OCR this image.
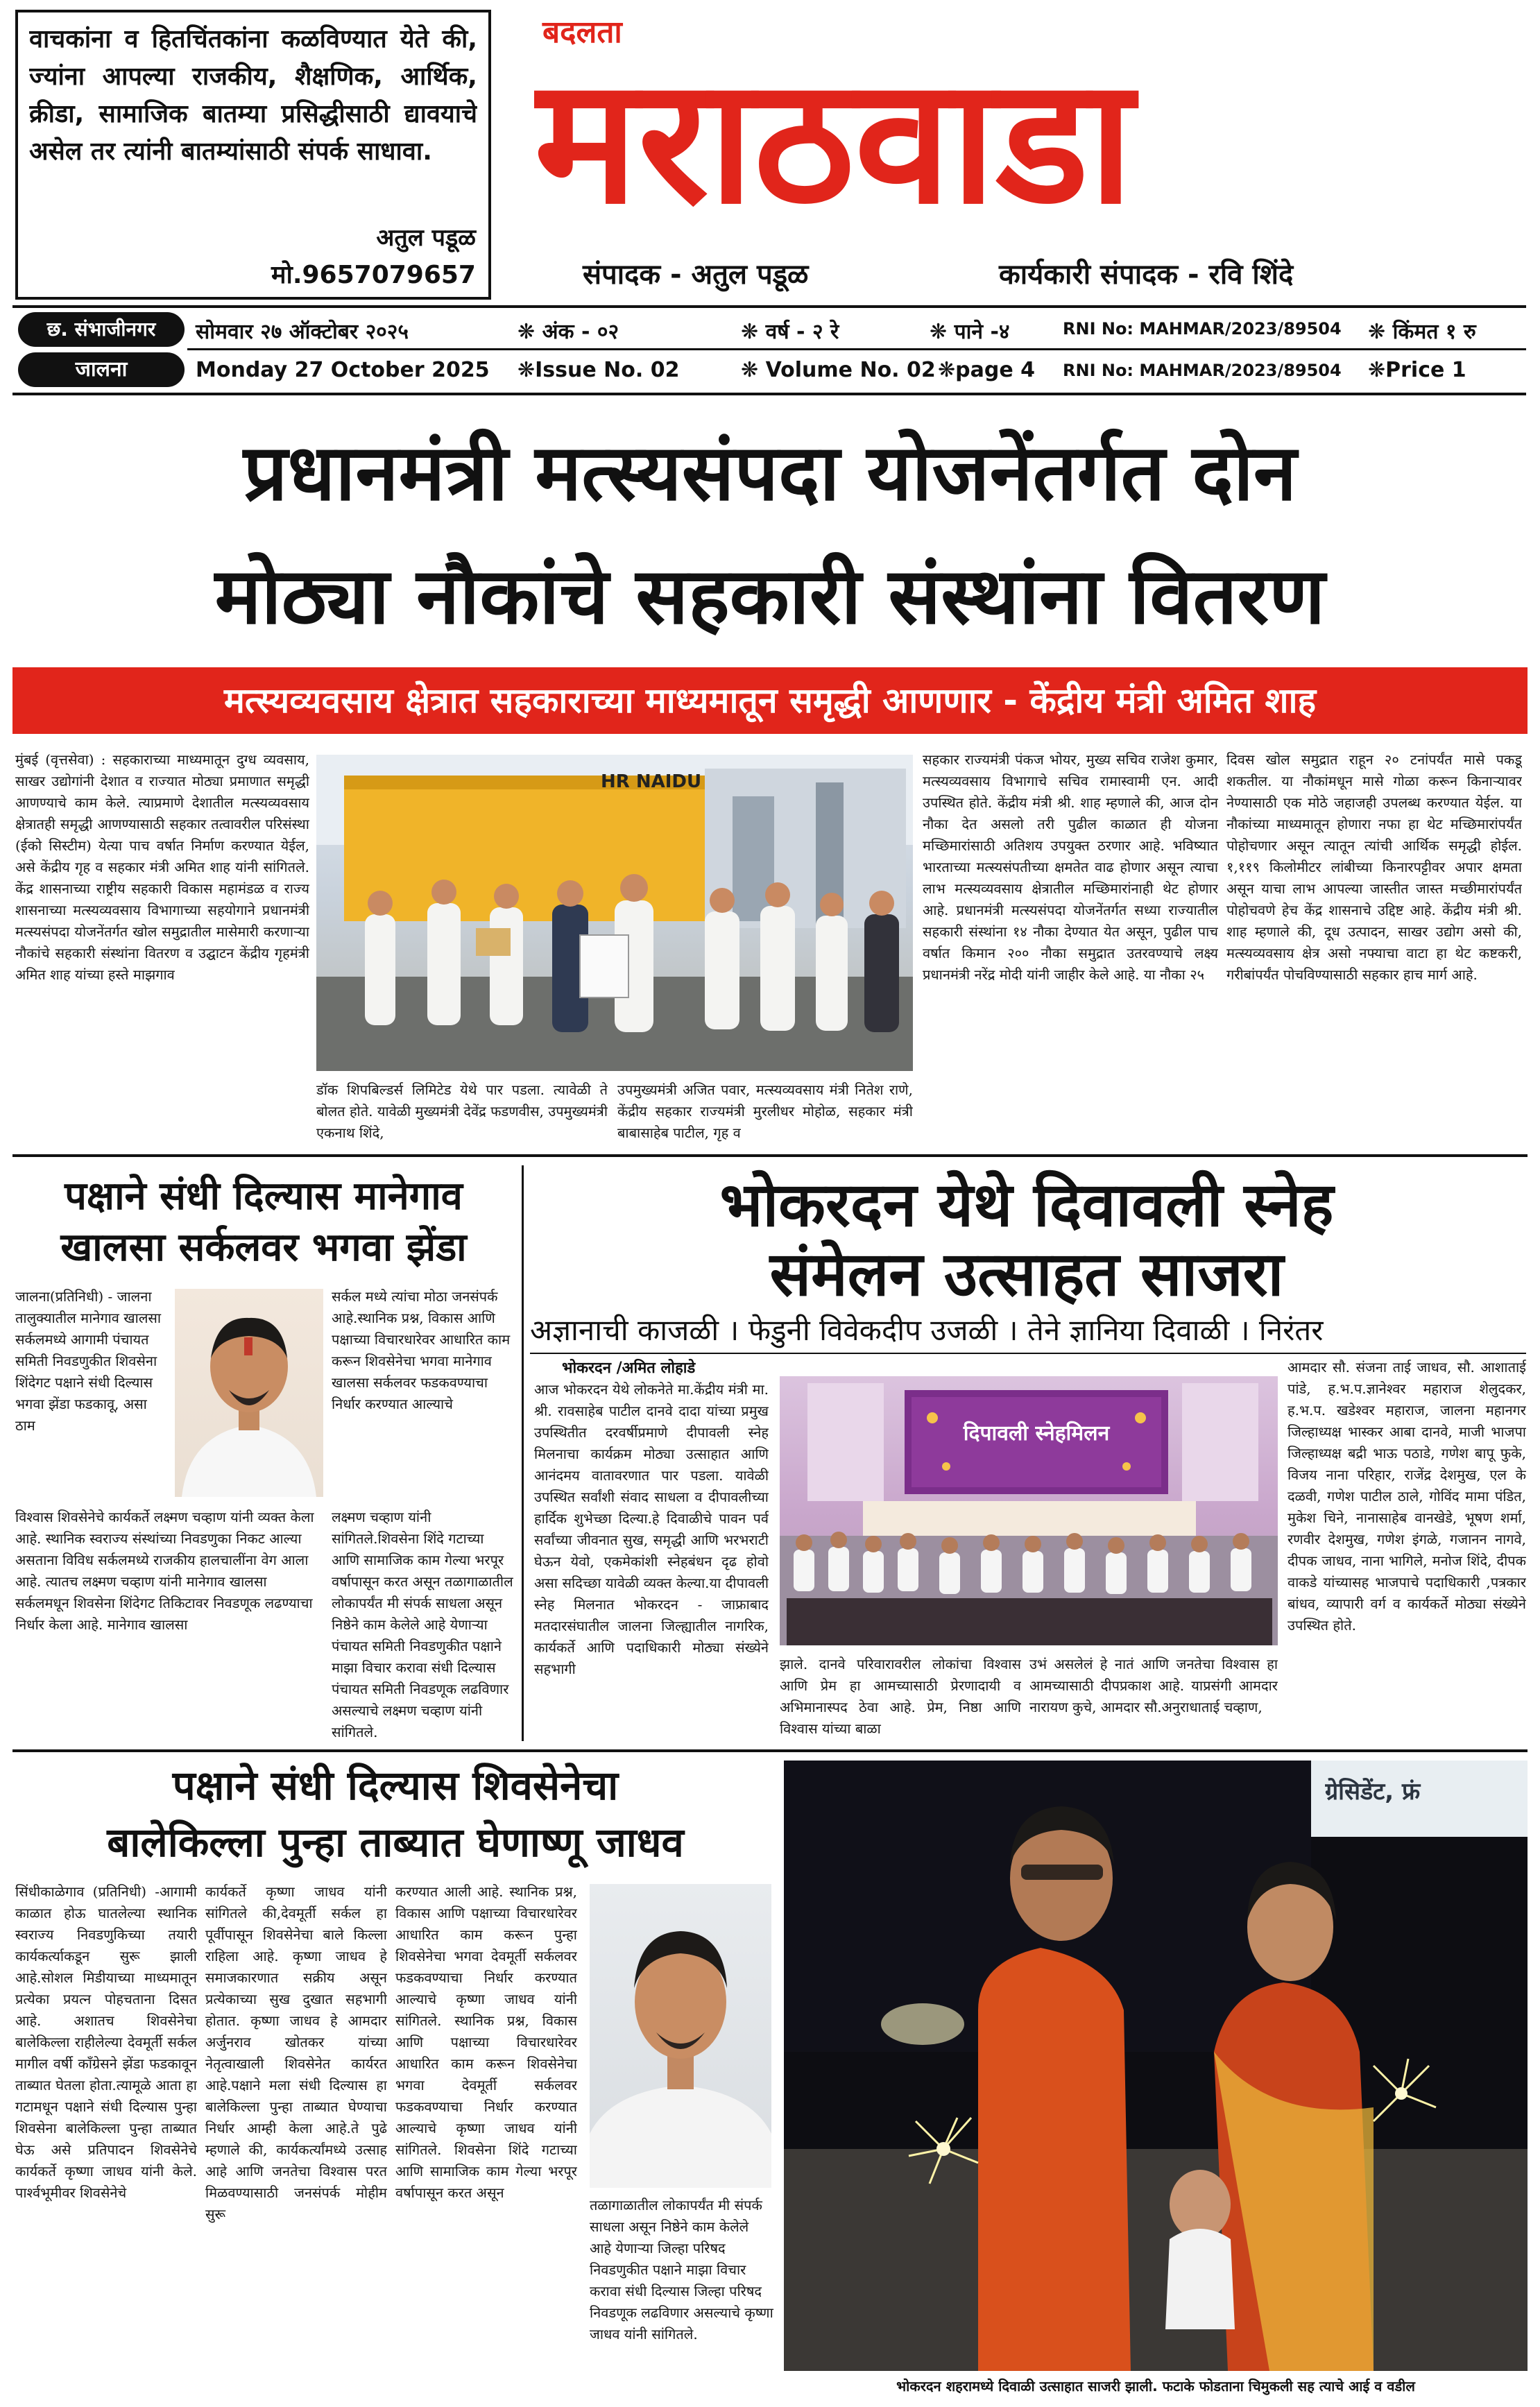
वाचकांना व हितचिंतकांना कळविण्यात येते की, ज्यांना आपल्या राजकीय, शैक्षणिक, आर्थिक, क्रीडा, सामाजिक बातम्या प्रसिद्धीसाठी द्यावयाचे असेल तर त्यांनी बातम्यांसाठी संपर्क साधावा.
अतुल पडूळ
मो.9657079657
बदलता
मराठवाडा
संपादक - अतुल पडूळ	कार्यकारी संपादक - रवि शिंदे
छ. संभाजीनगर
जालना
सोमवार २७ ऑक्टोबर २०२५	❋ अंक - ०२	❋ वर्ष - २ रे	❋ पाने -४	RNI No: MAHMAR/2023/89504 ❋ किंमत १ रु
Monday 27 October 2025 ❋Issue No. 02	❋ Volume No. 02 ❋page 4 RNI No: MAHMAR/2023/89504 ❋Price 1
प्रधानमंत्री मत्स्यसंपदा योजनेंतर्गत दोन
मोठ्या नौकांचे सहकारी संस्थांना वितरण
मत्स्यव्यवसाय क्षेत्रात सहकाराच्या माध्यमातून समृद्धी आणणार - केंद्रीय मंत्री अमित शाह
मुंबई (वृत्तसेवा) : सहकाराच्या माध्यमातून दुग्ध व्यवसाय, साखर उद्योगांनी देशात व राज्यात मोठ्या प्रमाणात समृद्धी आणण्याचे काम केले. त्याप्रमाणे देशातील मत्स्यव्यवसाय क्षेत्रातही समृद्धी आणण्यासाठी सहकार तत्वावरील परिसंस्था (ईको सिस्टीम) येत्या पाच वर्षात निर्माण करण्यात येईल, असे केंद्रीय गृह व सहकार मंत्री अमित शाह यांनी सांगितले. केंद्र शासनाच्या राष्ट्रीय सहकारी विकास महामंडळ व राज्य शासनाच्या मत्स्यव्यवसाय विभागाच्या सहयोगाने प्रधानमंत्री मत्स्यसंपदा योजनेंतर्गत खोल समुद्रातील मासेमारी करणाऱ्या नौकांचे सहकारी संस्थांना वितरण व उद्घाटन केंद्रीय गृहमंत्री अमित शाह यांच्या हस्ते माझगाव
HR NAIDU
डॉक शिपबिल्डर्स लिमिटेड येथे पार पडला. त्यावेळी ते बोलत होते. यावेळी मुख्यमंत्री देवेंद्र फडणवीस, उपमुख्यमंत्री एकनाथ शिंदे,
उपमुख्यमंत्री अजित पवार, मत्स्यव्यवसाय मंत्री नितेश राणे, केंद्रीय सहकार राज्यमंत्री मुरलीधर मोहोळ, सहकार मंत्री बाबासाहेब पाटील, गृह व
सहकार राज्यमंत्री पंकज भोयर, मुख्य सचिव राजेश कुमार, मत्स्यव्यवसाय विभागाचे सचिव रामास्वामी एन. आदी उपस्थित होते. केंद्रीय मंत्री श्री. शाह म्हणाले की, आज दोन नौका देत असलो तरी पुढील काळात ही योजना मच्छिमारांसाठी अतिशय उपयुक्त ठरणार आहे. भविष्यात भारताच्या मत्स्यसंपतीच्या क्षमतेत वाढ होणार असून त्याचा लाभ मत्स्यव्यवसाय क्षेत्रातील मच्छिमारांनाही थेट होणार आहे. प्रधानमंत्री मत्स्यसंपदा योजनेंतर्गत सध्या राज्यातील सहकारी संस्थांना १४ नौका देण्यात येत असून, पुढील पाच वर्षात किमान २०० नौका समुद्रात उतरवण्याचे लक्ष्य प्रधानमंत्री नरेंद्र मोदी यांनी जाहीर केले आहे. या नौका २५
दिवस खोल समुद्रात राहून २० टनांपर्यंत मासे पकडू शकतील. या नौकांमधून मासे गोळा करून किनाऱ्यावर नेण्यासाठी एक मोठे जहाजही उपलब्ध करण्यात येईल. या नौकांच्या माध्यमातून होणारा नफा हा थेट मच्छिमारांपर्यंत पोहोचणार असून त्यातून त्यांची आर्थिक समृद्धी होईल. १,११९ किलोमीटर लांबीच्या किनारपट्टीवर अपार क्षमता असून याचा लाभ आपल्या जास्तीत जास्त मच्छीमारांपर्यंत पोहोचवणे हेच केंद्र शासनाचे उद्दिष्ट आहे. केंद्रीय मंत्री श्री. शाह म्हणाले की, दूध उत्पादन, साखर उद्योग असो की, मत्स्यव्यवसाय क्षेत्र असो नफ्याचा वाटा हा थेट कष्टकरी, गरीबांपर्यंत पोचविण्यासाठी सहकार हाच मार्ग आहे.
पक्षाने संधी दिल्यास मानेगाव
खालसा सर्कलवर भगवा झेंडा
जालना(प्रतिनिधी) - जालना तालुक्यातील मानेगाव खालसा सर्कलमध्ये आगामी पंचायत समिती निवडणुकीत शिवसेना शिंदेगट पक्षाने संधी दिल्यास भगवा झेंडा फडकावू, असा ठाम
विश्वास शिवसेनेचे कार्यकर्ते लक्ष्मण चव्हाण यांनी व्यक्त केला आहे. स्थानिक स्वराज्य संस्थांच्या निवडणुका निकट आल्या असताना विविध सर्कलमध्ये राजकीय हालचालींना वेग आला आहे. त्यातच लक्ष्मण चव्हाण यांनी मानेगाव खालसा सर्कलमधून शिवसेना शिंदेगट तिकिटावर निवडणूक लढण्याचा निर्धार केला आहे. मानेगाव खालसा
सर्कल मध्ये त्यांचा मोठा जनसंपर्क आहे.स्थानिक प्रश्न, विकास आणि पक्षाच्या विचारधारेवर आधारित काम करून शिवसेनेचा भगवा मानेगाव खालसा सर्कलवर फडकवण्याचा निर्धार करण्यात आल्याचे
लक्ष्मण चव्हाण यांनी सांगितले.शिवसेना शिंदे गटाच्या आणि सामाजिक काम गेल्या भरपूर वर्षापासून करत असून तळागाळातील लोकापर्यंत मी संपर्क साधला असून निष्ठेने काम केलेले आहे येणाऱ्या पंचायत समिती निवडणुकीत पक्षाने माझा विचार करावा संधी दिल्यास पंचायत समिती निवडणूक लढविणार असल्याचे लक्ष्मण चव्हाण यांनी सांगितले.
भोकरदन येथे दिवावली स्नेह
संमेलन उत्साहत साजरा
अज्ञानाची काजळी । फेडुनी विवेकदीप उजळी । तेने ज्ञानिया दिवाळी । निरंतर
भोकरदन /अमित लोहाडे
आज भोकरदन येथे लोकनेते मा.केंद्रीय मंत्री मा. श्री. रावसाहेब पाटील दानवे दादा यांच्या प्रमुख उपस्थितीत दरवर्षीप्रमाणे दीपावली स्नेह मिलनाचा कार्यक्रम मोठ्या उत्साहात आणि आनंदमय वातावरणात पार पडला. यावेळी उपस्थित सर्वांशी संवाद साधला व दीपावलीच्या हार्दिक शुभेच्छा दिल्या.हे दिवाळीचे पावन पर्व सर्वांच्या जीवनात सुख, समृद्धी आणि भरभराटी घेऊन येवो, एकमेकांशी स्नेहबंधन दृढ होवो असा सदिच्छा यावेळी व्यक्त केल्या.या दीपावली स्नेह मिलनात भोकरदन - जाफ्राबाद मतदारसंघातील जालना जिल्ह्यातील नागरिक, कार्यकर्ते आणि पदाधिकारी मोठ्या संख्येने सहभागी
दिपावली स्नेहमिलन
झाले. दानवे परिवारावरील लोकांचा विश्वास आणि प्रेम हा आमच्यासाठी प्रेरणादायी व अभिमानास्पद ठेवा आहे. प्रेम, निष्ठा आणि विश्वास यांच्या बाळा
उभं असलेलं हे नातं आणि जनतेचा विश्वास हा आमच्यासाठी दीपप्रकाश आहे. याप्रसंगी आमदार नारायण कुचे, आमदार सौ.अनुराधाताई चव्हाण,
आमदार सौ. संजना ताई जाधव, सौ. आशाताई पांडे, ह.भ.प.ज्ञानेश्वर महाराज शेलुदकर, ह.भ.प. खडेश्वर महाराज, जालना महानगर जिल्हाध्यक्ष भास्कर आबा दानवे, माजी भाजपा जिल्हाध्यक्ष बद्री भाऊ पठाडे, गणेश बापू फुके, विजय नाना परिहार, राजेंद्र देशमुख, एल के दळवी, गणेश पाटील ठाले, गोविंद मामा पंडित, मुकेश चिने, नानासाहेब वानखेडे, भूषण शर्मा, रणवीर देशमुख, गणेश इंगळे, गजानन नागवे, दीपक जाधव, नाना भागिले, मनोज शिंदे, दीपक वाकडे यांच्यासह भाजपाचे पदाधिकारी ,पत्रकार बांधव, व्यापारी वर्ग व कार्यकर्ते मोठ्या संख्येने उपस्थित होते.
पक्षाने संधी दिल्यास शिवसेनेचा
बालेकिल्ला पुन्हा ताब्यात घेणाष्णू जाधव
सिंधीकाळेगाव (प्रतिनिधी) -आगामी काळात होऊ घातलेल्या स्थानिक स्वराज्य निवडणुकिच्या तयारी कार्यकर्त्याकडून सुरू झाली आहे.सोशल मिडीयाच्या माध्यमातून प्रत्येका प्रयत्न पोहचताना दिसत आहे. अशातच शिवसेनेचा बालेकिल्ला राहीलेल्या देवमूर्ती सर्कल मागील वर्षी कॉंग्रेसने झेंडा फडकावून ताब्यात घेतला होता.त्यामूळे आता हा गटामधून पक्षाने संधी दिल्यास पुन्हा शिवसेना बालेकिल्ला पुन्हा ताब्यात घेऊ असे प्रतिपादन शिवसेनेचे कार्यकर्ते कृष्णा जाधव यांनी केले. पार्श्वभूमीवर शिवसेनेचे
कार्यकर्ते कृष्णा जाधव यांनी सांगितले की,देवमूर्ती सर्कल हा पूर्वीपासून शिवसेनेचा बाले किल्ला राहिला आहे. कृष्णा जाधव हे समाजकारणात सक्रीय असून प्रत्येकाच्या सुख दुखात सहभागी होतात. कृष्णा जाधव हे आमदार अर्जुनराव खोतकर यांच्या नेतृत्वाखाली शिवसेनेत कार्यरत आहे.पक्षाने मला संधी दिल्यास हा बालेकिल्ला पुन्हा ताब्यात घेण्याचा निर्धार आम्ही केला आहे.ते पुढे म्हणाले की, कार्यकर्त्यांमध्ये उत्साह आहे आणि जनतेचा विश्वास परत मिळवण्यासाठी जनसंपर्क मोहीम सुरू
करण्यात आली आहे. स्थानिक प्रश्न, विकास आणि पक्षाच्या विचारधारेवर आधारित काम करून पुन्हा शिवसेनेचा भगवा देवमूर्ती सर्कलवर फडकवण्याचा निर्धार करण्यात आल्याचे कृष्णा जाधव यांनी सांगितले. स्थानिक प्रश्न, विकास आणि पक्षाच्या विचारधारेवर आधारित काम करून शिवसेनेचा भगवा देवमूर्ती सर्कलवर फडकवण्याचा निर्धार करण्यात आल्याचे कृष्णा जाधव यांनी सांगितले. शिवसेना शिंदे गटाच्या आणि सामाजिक काम गेल्या भरपूर वर्षापासून करत असून
तळागाळातील लोकापर्यंत मी संपर्क साधला असून निष्ठेने काम केलेले आहे येणाऱ्या जिल्हा परिषद निवडणुकीत पक्षाने माझा विचार करावा संधी दिल्यास जिल्हा परिषद निवडणूक लढविणार असल्याचे कृष्णा जाधव यांनी सांगितले.
ग्रेसिडेंट, फ्रं
भोकरदन शहरामध्ये दिवाळी उत्साहात साजरी झाली. फटाके फोडताना चिमुकली सह त्याचे आई व वडील
